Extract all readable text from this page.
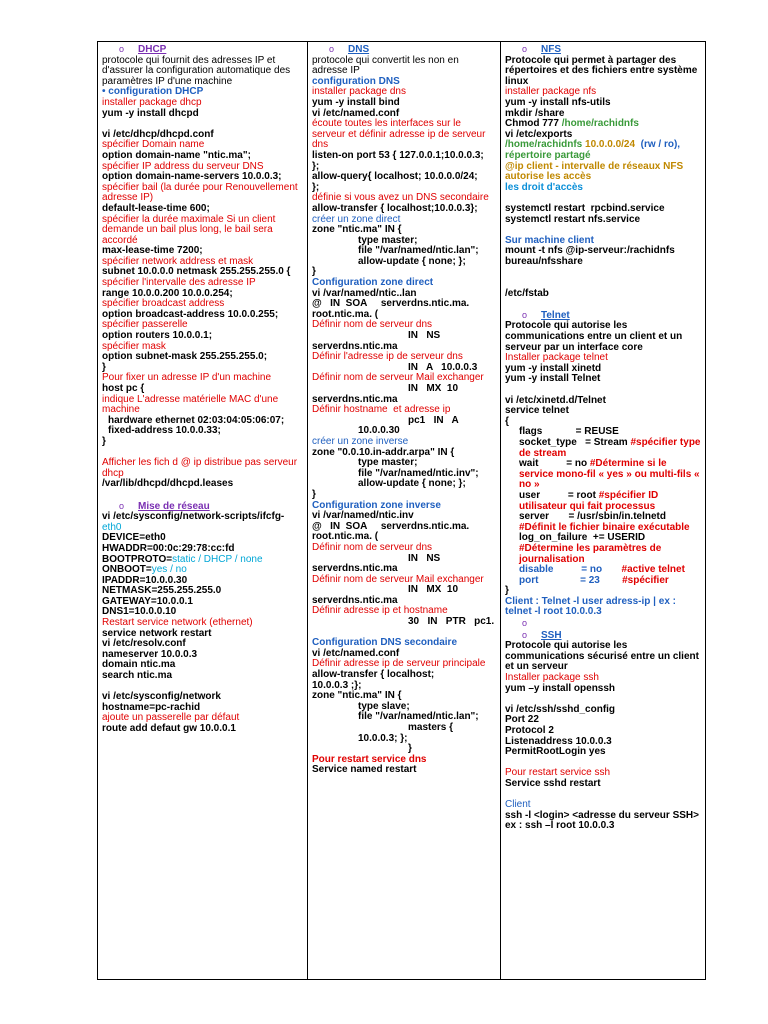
o DHCP
protocole qui fournit des adresses IP et d'assurer la configuration automatique des paramètres IP d'une machine
• configuration DHCP
installer package dhcp
yum -y install dhcpd
vi /etc/dhcp/dhcpd.conf
spécifier Domain name
option domain-name "ntic.ma";
spécifier IP address du serveur DNS
option domain-name-servers 10.0.0.3;
spécifier bail (la durée pour Renouvellement adresse IP)
default-lease-time 600;
spécifier la durée maximale Si un client demande un bail plus long, le bail sera accordé
max-lease-time 7200;
spécifier network address et mask
subnet 10.0.0.0 netmask 255.255.255.0 {
spécifier l'intervalle des adresse IP
range 10.0.0.200 10.0.0.254;
spécifier broadcast address
option broadcast-address 10.0.0.255;
spécifier passerelle
option routers 10.0.0.1;
spécifier mask
option subnet-mask 255.255.255.0;
}
Pour fixer un adresse IP d'un machine
host pc {
indique L'adresse matérielle MAC d'une machine
hardware ethernet 02:03:04:05:06:07;
fixed-address 10.0.0.33;
}
Afficher les fich d @ ip distribue pas serveur dhcp
/var/lib/dhcpd/dhcpd.leases
o Mise de réseau
vi /etc/sysconfig/network-scripts/ifcfg-eth0
DEVICE=eth0
HWADDR=00:0c:29:78:cc:fd
BOOTPROTO=static / DHCP / none
ONBOOT=yes / no
IPADDR=10.0.0.30
NETMASK=255.255.255.0
GATEWAY=10.0.0.1
DNS1=10.0.0.10
Restart service network (ethernet)
service network restart
vi /etc/resolv.conf
nameserver 10.0.0.3
domain ntic.ma
search ntic.ma
vi /etc/sysconfig/network
hostname=pc-rachid
ajoute un passerelle par défaut
route add defaut gw 10.0.0.1
o DNS
protocole qui convertit les non en adresse IP
configuration DNS
installer package dns
yum -y install bind
vi /etc/named.conf
écoute toutes les interfaces sur le serveur et définir adresse ip de serveur dns
listen-on port 53 { 127.0.0.1;10.0.0.3;
};
allow-query{ localhost; 10.0.0.0/24;
};
définie si vous avez un DNS secondaire
allow-transfer { localhost;10.0.0.3};
créer un zone direct
zone "ntic.ma" IN {
type master;
file "/var/named/ntic.lan";
allow-update { none; };
}
Configuration zone direct
vi /var/named/ntic..lan
@   IN  SOA     serverdns.ntic.ma.
root.ntic.ma. (
Définir nom de serveur dns
IN   NS
serverdns.ntic.ma
Définir l'adresse ip de serveur dns
IN   A   10.0.0.3
Définir nom de serveur Mail exchanger
IN   MX  10
serverdns.ntic.ma
Définir hostname  et adresse ip
pc1   IN   A
10.0.0.30
créer un zone inverse
zone "0.0.10.in-addr.arpa" IN {
type master;
file "/var/named/ntic.inv";
allow-update { none; };
}
Configuration zone inverse
vi /var/named/ntic.inv
@   IN  SOA     serverdns.ntic.ma.
root.ntic.ma. (
Définir nom de serveur dns
IN   NS
serverdns.ntic.ma
Définir nom de serveur Mail exchanger
IN   MX  10
serverdns.ntic.ma
Définir adresse ip et hostname
30   IN   PTR   pc1.
Configuration DNS secondaire
vi /etc/named.conf
Définir adresse ip de serveur principale
allow-transfer { localhost;
10.0.0.3 ;};
zone "ntic.ma" IN {
type slave;
file "/var/named/ntic.lan";
masters {
10.0.0.3; };
}
Pour restart service dns
Service named restart
o NFS
Protocole qui permet à partager des répertoires et des fichiers entre système linux
installer package nfs
yum -y install nfs-utils
mkdir /share
Chmod 777 /home/rachidnfs
vi /etc/exports
/home/rachidnfs 10.0.0.0/24  (rw / ro),
répertoire partagé
@ip client - intervalle de réseaux NFS
autorise les accès
les droit d'accès
systemctl restart  rpcbind.service
systemctl restart nfs.service
Sur machine client
mount -t nfs @ip-serveur:/rachidnfs bureau/nfsshare
/etc/fstab
o Telnet
Protocole qui autorise les communications entre un client et un serveur par un interface core
Installer package telnet
yum -y install xinetd
yum -y install Telnet
vi /etc/xinetd.d/Telnet
service telnet
{
flags            = REUSE
socket_type   = Stream #spécifier type de stream
wait          = no #Détermine si le service mono-fil « yes » ou multi-fils « no »
user          = root #spécifier ID utilisateur qui fait processus
server       = /usr/sbin/in.telnetd #Définit le fichier binaire exécutable
log_on_failure  += USERID #Détermine les paramètres de journalisation
disable          = no       #active telnet
port               = 23        #spécifier
}
Client : Telnet -l user adress-ip | ex : telnet -l root 10.0.0.3
o
o SSH
Protocole qui autorise les communications sécurisé entre un client et un serveur
Installer package ssh
yum –y install openssh
vi /etc/ssh/sshd_config
Port 22
Protocol 2
Listenaddress 10.0.0.3
PermitRootLogin yes
Pour restart service ssh
Service sshd restart
Client
ssh -l <login> <adresse du serveur SSH>
ex : ssh –l root 10.0.0.3
